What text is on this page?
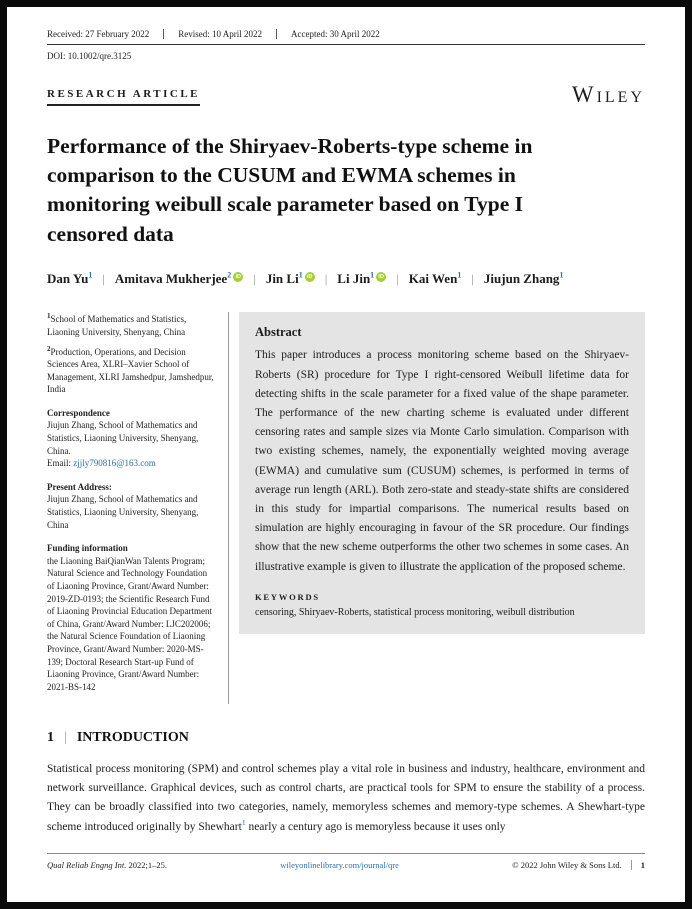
Received: 27 February 2022	Revised: 10 April 2022	Accepted: 30 April 2022
DOI: 10.1002/qre.3125
RESEARCH ARTICLE	Wiley
Performance of the Shiryaev-Roberts-type scheme in comparison to the CUSUM and EWMA schemes in monitoring weibull scale parameter based on Type I censored data
Dan Yu$^1$ | Amitava Mukherjee$^2$ iD | Jin Li$^1$ iD | Li Jin$^1$ iD | Kai Wen$^1$ | Jiujun Zhang$^1$
$^1$School of Mathematics and Statistics, Liaoning University, Shenyang, China
$^2$Production, Operations, and Decision Sciences Area, XLRI–Xavier School of Management, XLRI Jamshedpur, Jamshedpur, India
Correspondence
Jiujun Zhang, School of Mathematics and Statistics, Liaoning University, Shenyang, China.
Email: zjjly790816@163.com
Present Address:
Jiujun Zhang, School of Mathematics and Statistics, Liaoning University, Shenyang, China
Funding information
the Liaoning BaiQianWan Talents Program; Natural Science and Technology Foundation of Liaoning Province, Grant/Award Number: 2019-ZD-0193; the Scientific Research Fund of Liaoning Provincial Education Department of China, Grant/Award Number: LJC202006; the Natural Science Foundation of Liaoning Province, Grant/Award Number: 2020-MS-139; Doctoral Research Start-up Fund of Liaoning Province, Grant/Award Number: 2021-BS-142
Abstract
This paper introduces a process monitoring scheme based on the Shiryaev-Roberts (SR) procedure for Type I right-censored Weibull lifetime data for detecting shifts in the scale parameter for a fixed value of the shape parameter. The performance of the new charting scheme is evaluated under different censoring rates and sample sizes via Monte Carlo simulation. Comparison with two existing schemes, namely, the exponentially weighted moving average (EWMA) and cumulative sum (CUSUM) schemes, is performed in terms of average run length (ARL). Both zero-state and steady-state shifts are considered in this study for impartial comparisons. The numerical results based on simulation are highly encouraging in favour of the SR procedure. Our findings show that the new scheme outperforms the other two schemes in some cases. An illustrative example is given to illustrate the application of the proposed scheme.
KEYWORDS
censoring, Shiryaev-Roberts, statistical process monitoring, weibull distribution
1 | INTRODUCTION

Statistical process monitoring (SPM) and control schemes play a vital role in business and industry, healthcare, environment and network surveillance. Graphical devices, such as control charts, are practical tools for SPM to ensure the stability of a process. They can be broadly classified into two categories, namely, memoryless schemes and memory-type schemes. A Shewhart-type scheme introduced originally by Shewhart$^1$ nearly a century ago is memoryless because it uses only

Qual Reliab Engng Int. 2022;1–25.	wileyonlinelibrary.com/journal/qre	© 2022 John Wiley & Sons Ltd.	1
